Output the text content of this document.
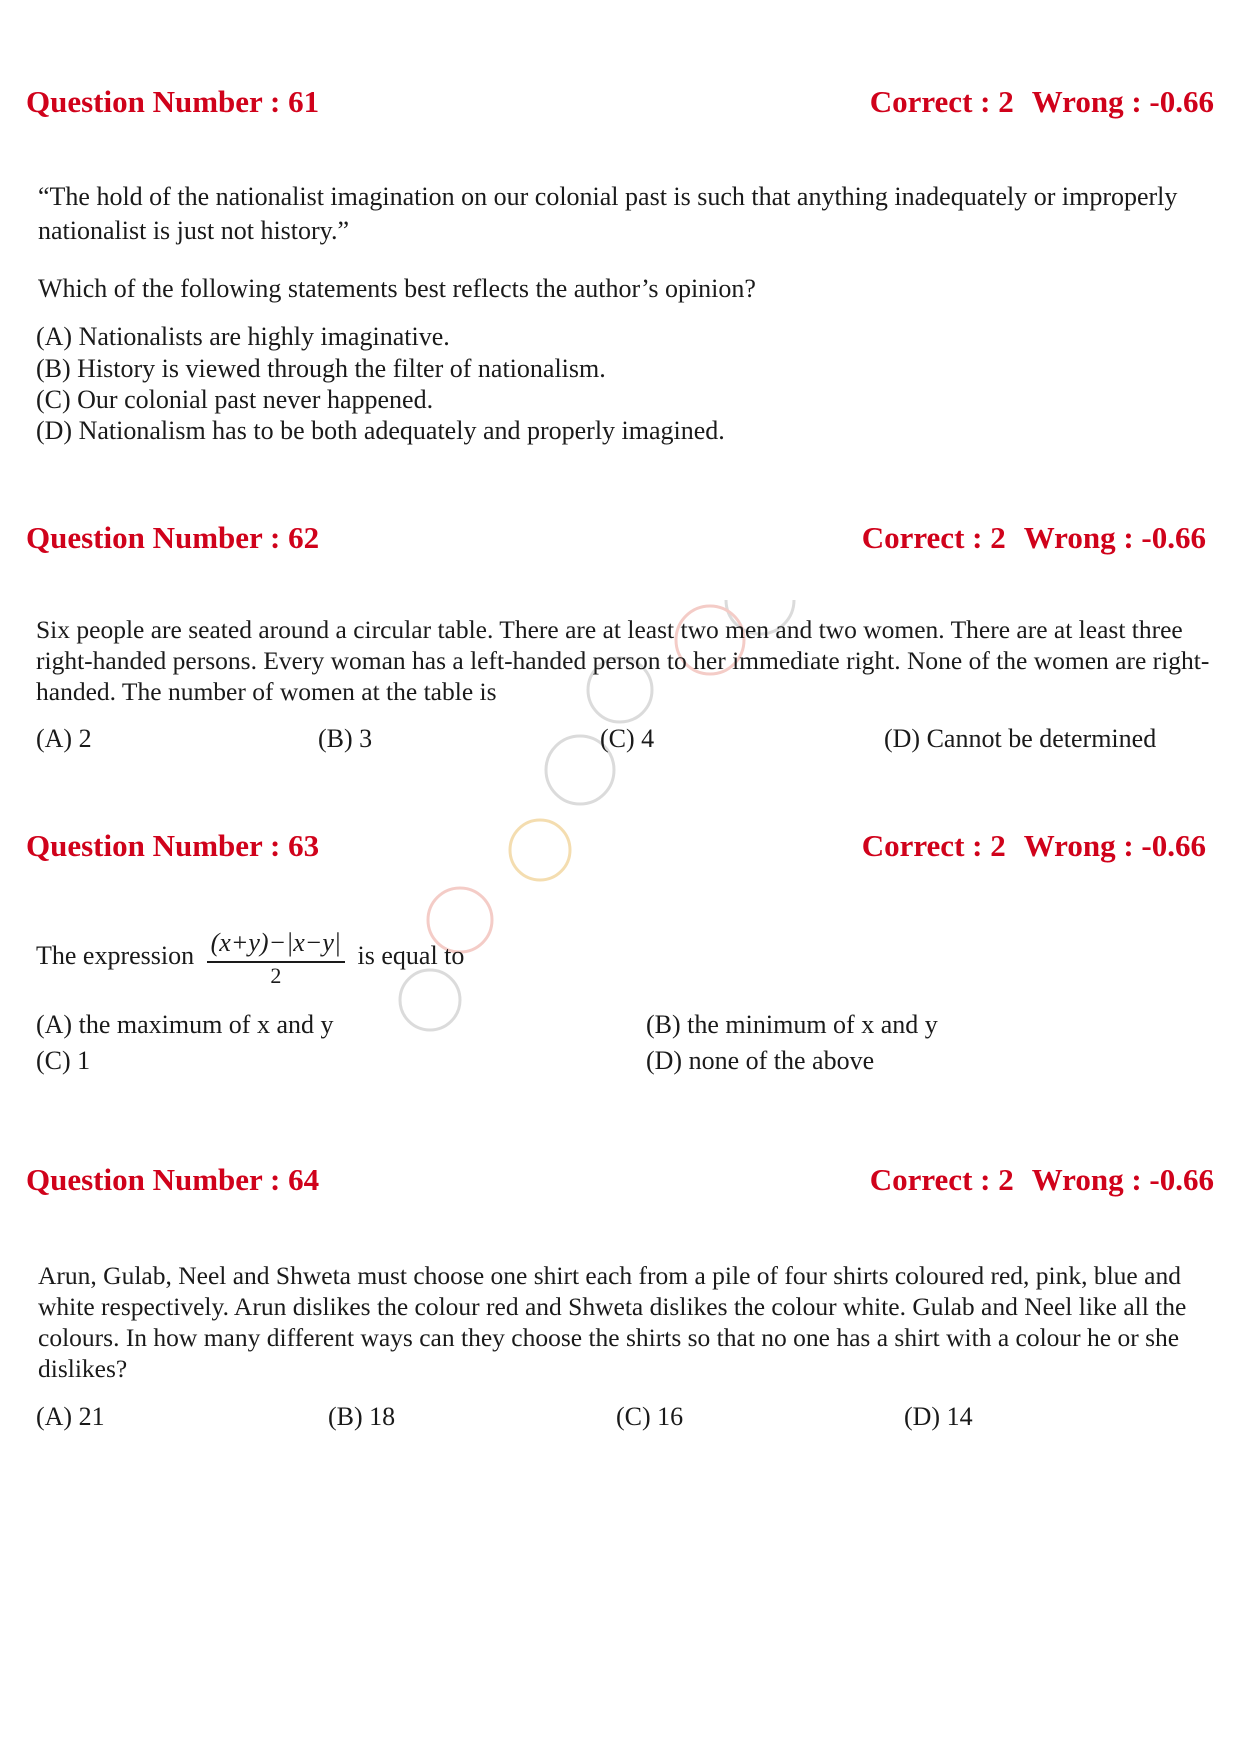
Question Number : 61	Correct : 2 Wrong : -0.66

“The hold of the nationalist imagination on our colonial past is such that anything inadequately or improperly nationalist is just not history.”

Which of the following statements best reflects the author’s opinion?

(A) Nationalists are highly imaginative.
(B) History is viewed through the filter of nationalism.
(C) Our colonial past never happened.
(D) Nationalism has to be both adequately and properly imagined.
Question Number : 62	Correct : 2 Wrong : -0.66

Six people are seated around a circular table. There are at least two men and two women. There are at least three right-handed persons. Every woman has a left-handed person to her immediate right. None of the women are right-handed. The number of women at the table is

(A) 2	(B) 3	(C) 4	(D) Cannot be determined
Question Number : 63	Correct : 2 Wrong : -0.66
The expression $\frac{(x+y)-|x-y|}{2}$ is equal to
(A) the maximum of x and y	(B) the minimum of x and y
(C) 1	(D) none of the above
Question Number : 64	Correct : 2 Wrong : -0.66

Arun, Gulab, Neel and Shweta must choose one shirt each from a pile of four shirts coloured red, pink, blue and white respectively. Arun dislikes the colour red and Shweta dislikes the colour white. Gulab and Neel like all the colours. In how many different ways can they choose the shirts so that no one has a shirt with a colour he or she dislikes?

(A) 21	(B) 18	(C) 16	(D) 14
